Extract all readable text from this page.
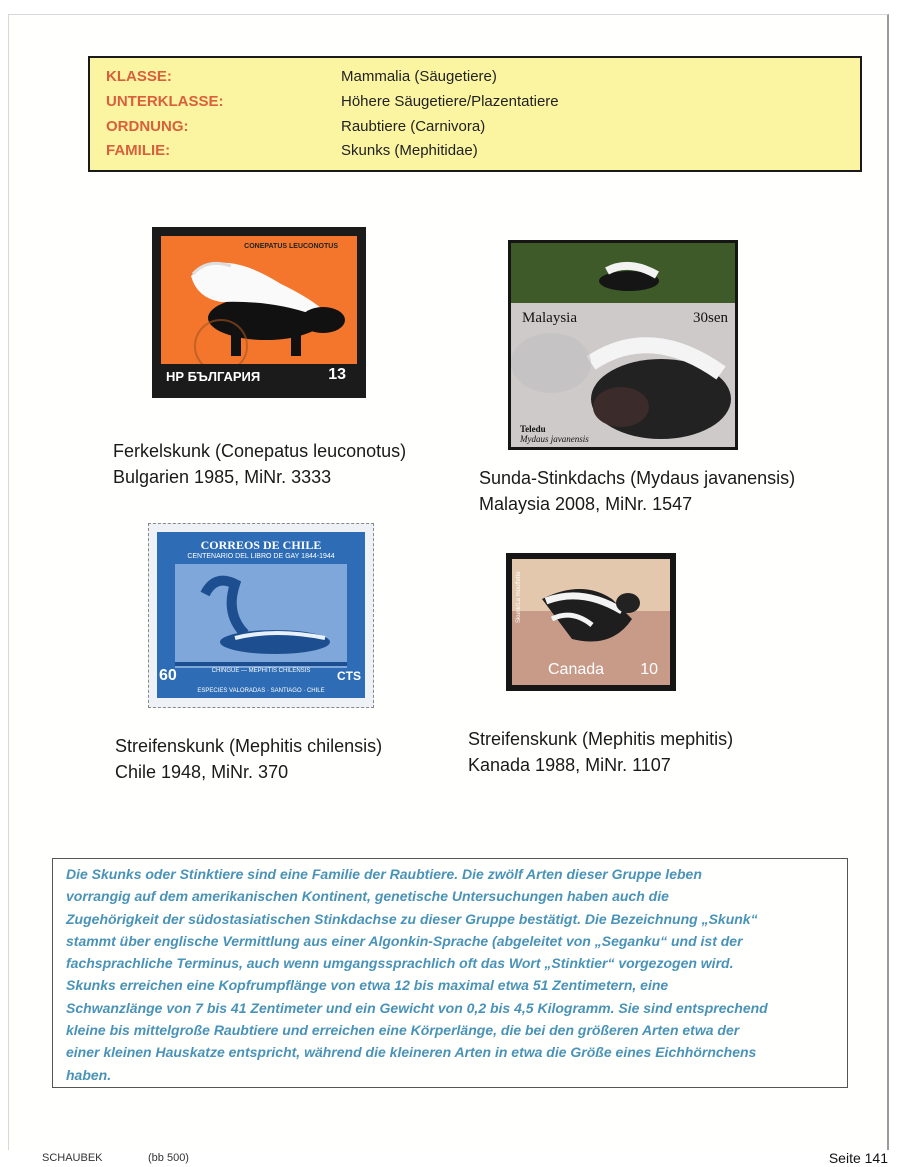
KLASSE:	Mammalia (Säugetiere)
UNTERKLASSE:	Höhere Säugetiere/Plazentatiere
ORDNUNG:	Raubtiere (Carnivora)
FAMILIE:	Skunks (Mephitidae)
CONEPATUS LEUCONOTUS
НР БЪЛГАРИЯ	13
Ferkelskunk (Conepatus leuconotus)
Bulgarien 1985, MiNr. 3333
Malaysia	30sen
Teledu
Mydaus javanensis
Sunda-Stinkdachs (Mydaus javanensis)
Malaysia 2008, MiNr. 1547
CORREOS DE CHILE
CENTENARIO DEL LIBRO DE GAY 1844-1944
CHINGUE — MEPHITIS CHILENSIS
60	CTS
ESPECIES VALORADAS · SANTIAGO · CHILE
Streifenskunk (Mephitis chilensis)
Chile 1948, MiNr. 370
Skunk/La mouffette
Canada 10
Streifenskunk (Mephitis mephitis)
Kanada 1988, MiNr. 1107
Die Skunks oder Stinktiere sind eine Familie der Raubtiere. Die zwölf Arten dieser Gruppe leben
vorrangig auf dem amerikanischen Kontinent, genetische Untersuchungen haben auch die
Zugehörigkeit der südostasiatischen Stinkdachse zu dieser Gruppe bestätigt. Die Bezeichnung „Skunk“
stammt über englische Vermittlung aus einer Algonkin-Sprache (abgeleitet von „Seganku“ und ist der
fachsprachliche Terminus, auch wenn umgangssprachlich oft das Wort „Stinktier“ vorgezogen wird.
Skunks erreichen eine Kopfrumpflänge von etwa 12 bis maximal etwa 51 Zentimetern, eine
Schwanzlänge von 7 bis 41 Zentimeter und ein Gewicht von 0,2 bis 4,5 Kilogramm. Sie sind entsprechend
kleine bis mittelgroße Raubtiere und erreichen eine Körperlänge, die bei den größeren Arten etwa der
einer kleinen Hauskatze entspricht, während die kleineren Arten in etwa die Größe eines Eichhörnchens
haben.
SCHAUBEK	(bb 500)	Seite 141
